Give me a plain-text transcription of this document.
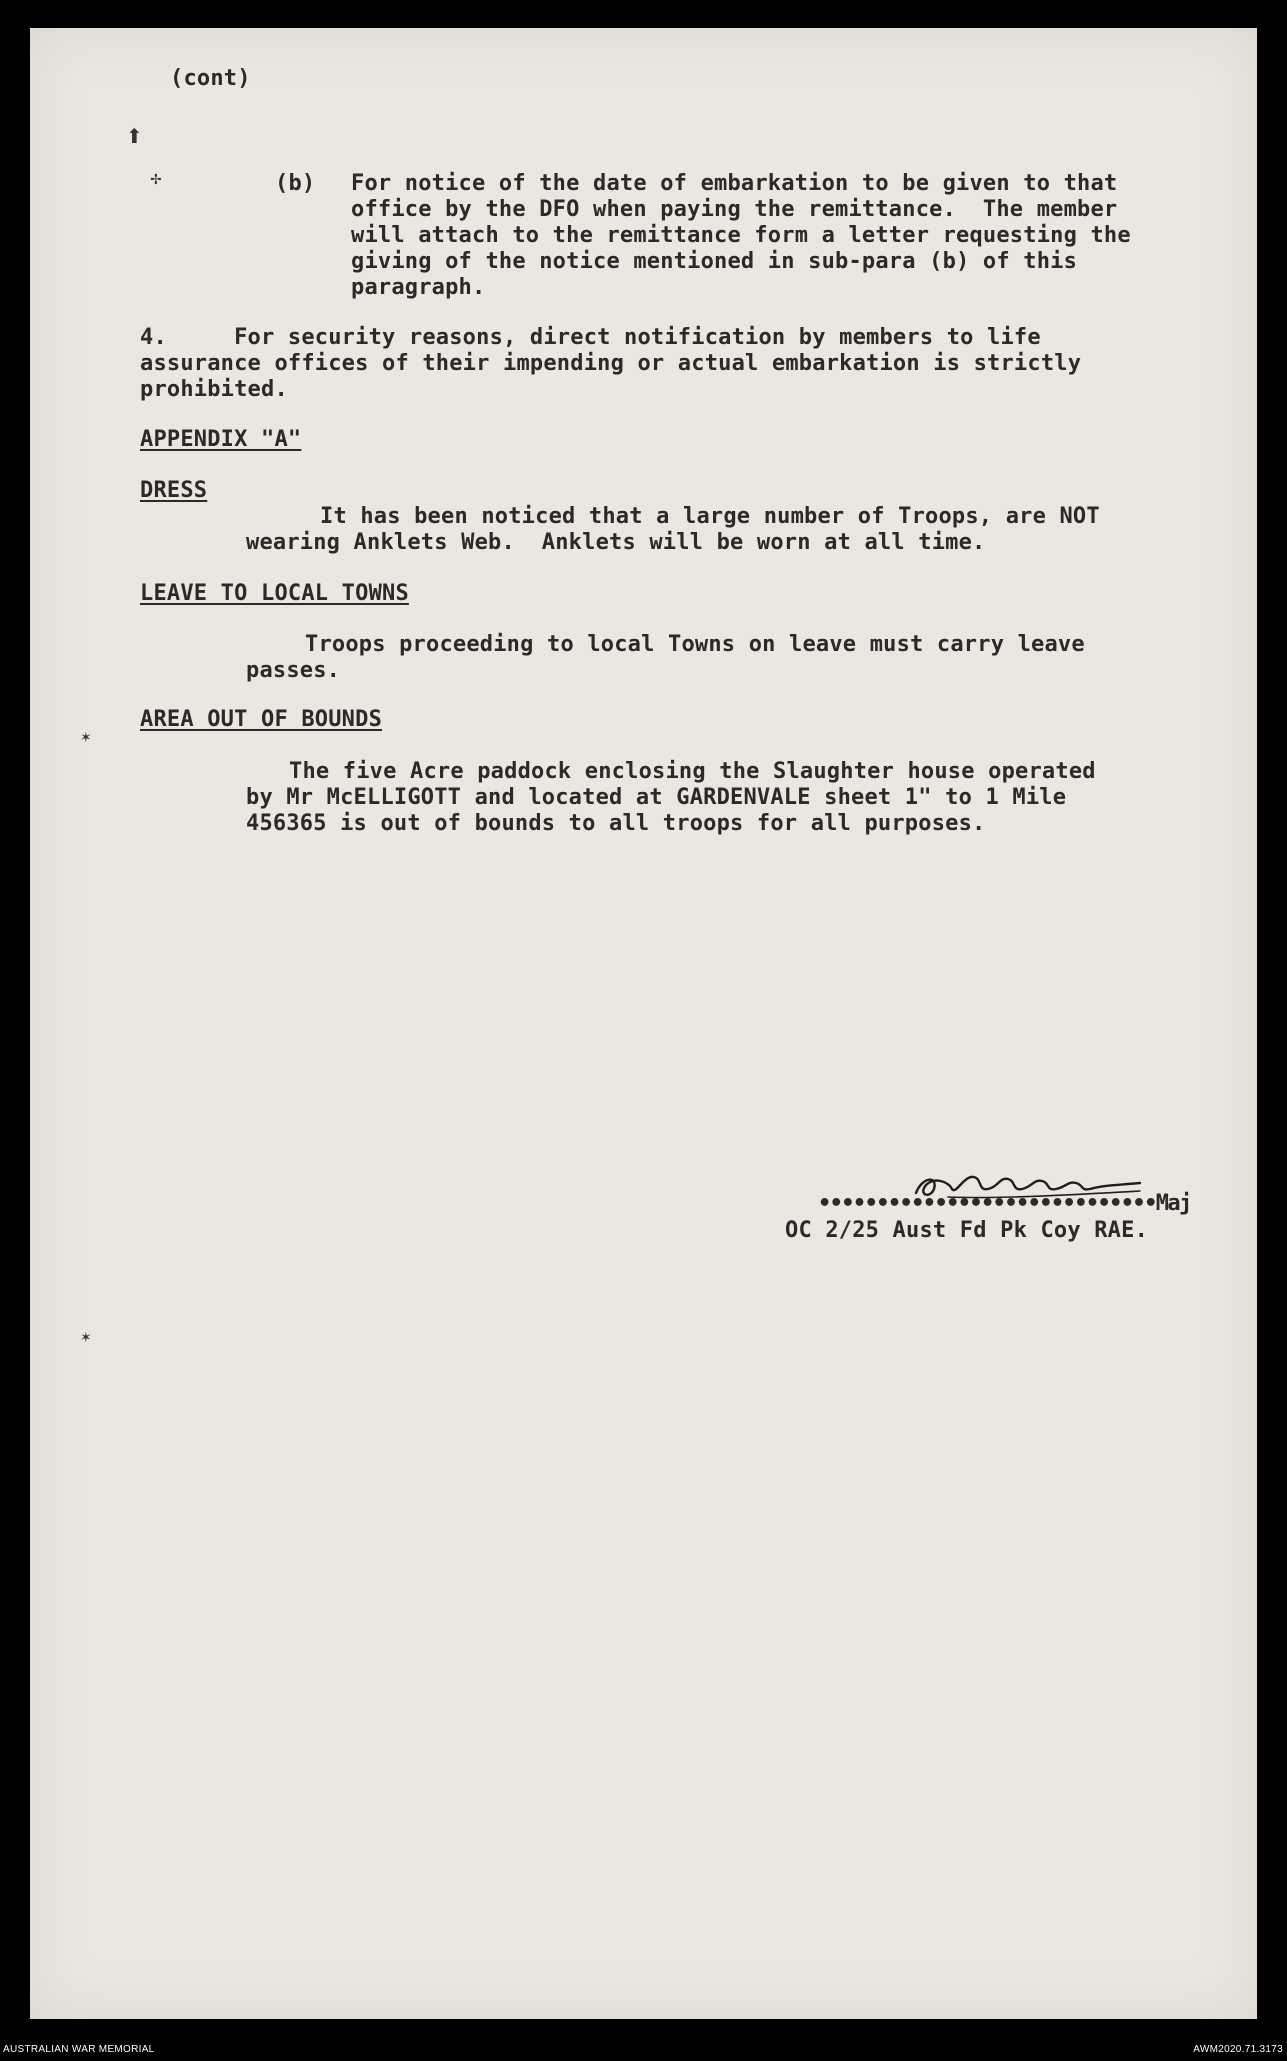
⬆
✢
✶
✶
(cont)
(b) For notice of the date of embarkation to be given to that
office by the DFO when paying the remittance.  The member
will attach to the remittance form a letter requesting the
giving of the notice mentioned in sub-para (b) of this
paragraph.
4.     For security reasons, direct notification by members to life
assurance offices of their impending or actual embarkation is strictly
prohibited.
APPENDIX "A"
DRESS
It has been noticed that a large number of Troops, are NOT
wearing Anklets Web.  Anklets will be worn at all time.
LEAVE TO LOCAL TOWNS
Troops proceeding to local Towns on leave must carry leave
passes.
AREA OUT OF BOUNDS
The five Acre paddock enclosing the Slaughter house operated
by Mr McELLIGOTT and located at GARDENVALE sheet 1" to 1 Mile
456365 is out of bounds to all troops for all purposes.
•••••••••••••••••••••••••••••Maj
OC 2/25 Aust Fd Pk Coy RAE.
AUSTRALIAN WAR MEMORIAL	AWM2020.71.3173
